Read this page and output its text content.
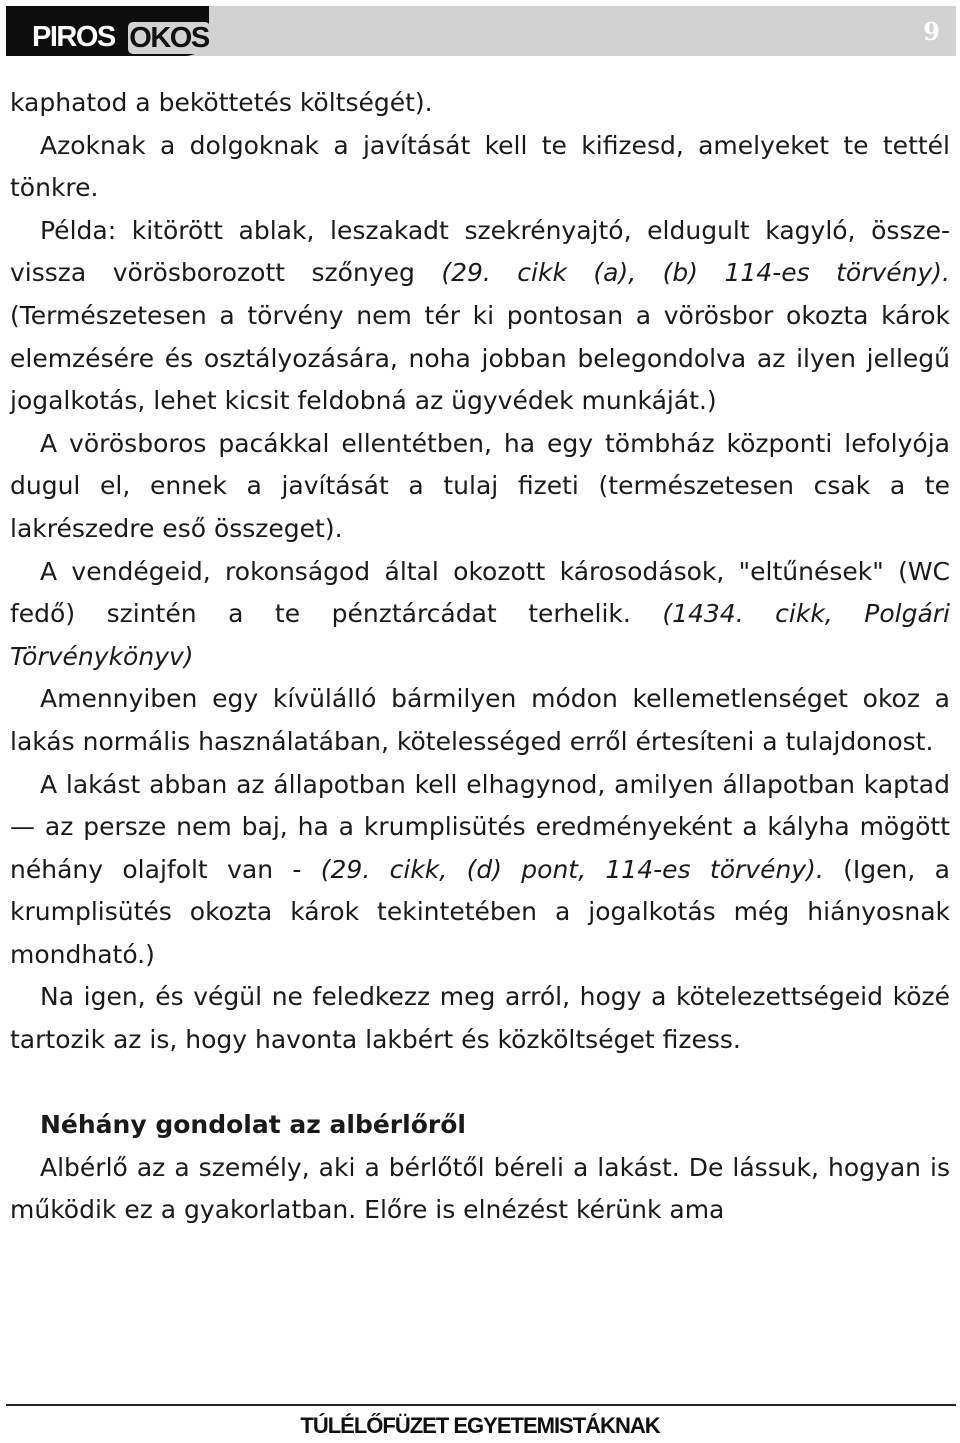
PIROS OKOS	9

kaphatod a beköttetés költségét).

Azoknak a dolgoknak a javítását kell te kifizesd, amelyeket te tettél tönkre.

Példa: kitörött ablak, leszakadt szekrényajtó, eldugult kagyló, össze-vissza vörösborozott szőnyeg (29. cikk (a), (b) 114-es törvény). (Természetesen a törvény nem tér ki pontosan a vörösbor okozta károk elemzésére és osztályozására, noha jobban belegondolva az ilyen jellegű jogalkotás, lehet kicsit feldobná az ügyvédek munkáját.)

A vörösboros pacákkal ellentétben, ha egy tömbház központi lefolyója dugul el, ennek a javítását a tulaj fizeti (természetesen csak a te lakrészedre eső összeget).

A vendégeid, rokonságod által okozott károsodások, "eltűnések" (WC fedő) szintén a te pénztárcádat terhelik. (1434. cikk, Polgári Törvénykönyv)

Amennyiben egy kívülálló bármilyen módon kellemetlenséget okoz a lakás normális használatában, kötelességed erről értesíteni a tulajdonost.

A lakást abban az állapotban kell elhagynod, amilyen állapotban kaptad — az persze nem baj, ha a krumplisütés eredményeként a kályha mögött néhány olajfolt van - (29. cikk, (d) pont, 114-es törvény). (Igen, a krumplisütés okozta károk tekintetében a jogalkotás még hiányosnak mondható.)

Na igen, és végül ne feledkezz meg arról, hogy a kötelezettségeid közé tartozik az is, hogy havonta lakbért és közköltséget fizess.

Néhány gondolat az albérlőről

Albérlő az a személy, aki a bérlőtől béreli a lakást. De lássuk, hogyan is működik ez a gyakorlatban. Előre is elnézést kérünk ama

TÚLÉLŐFÜZET EGYETEMISTÁKNAK
